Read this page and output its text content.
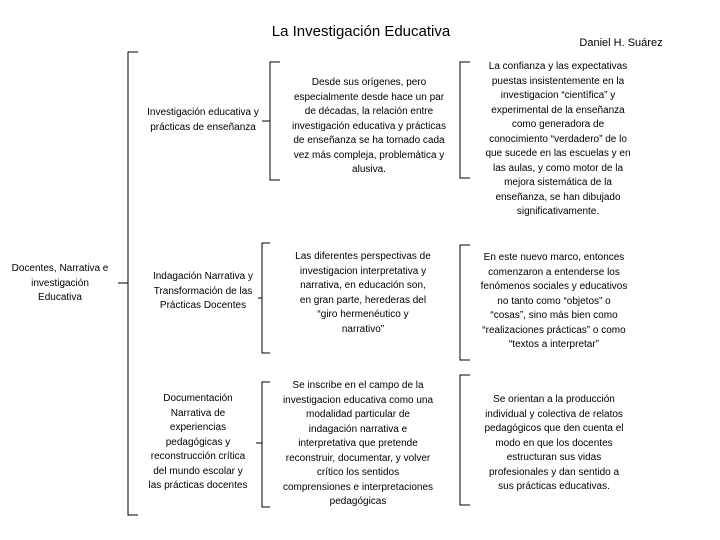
La Investigación Educativa
Daniel H. Suárez
Docentes, Narrativa e
investigación
Educativa
Investigación educativa y
prácticas de enseñanza
Indagación Narrativa y
Transformación de las
Prácticas Docentes
Documentación
Narrativa de
experiencias
pedagógicas y
reconstrucción crítica
del mundo escolar y
las prácticas docentes
Desde sus orígenes, pero
especialmente desde hace un par
de décadas, la relación entre
investigación educativa y prácticas
de enseñanza se ha tornado cada
vez más compleja, problemática y
alusiva.
Las diferentes perspectivas de
investigacion interpretativa y
narrativa, en educación son,
en gran parte, herederas del
“giro hermenéutico y
narrativo”
Se inscribe en el campo de la
investigacion educativa como una
modalidad particular de
indagación narrativa e
interpretativa que pretende
reconstruir, documentar, y volver
crítico los sentidos
comprensiones e interpretaciones
pedagógicas
La confianza y las expectativas
puestas insistentemente en la
investigacion “científica” y
experimental de la enseñanza
como generadora de
conocimiento “verdadero” de lo
que sucede en las escuelas y en
las aulas, y como motor de la
mejora sistemática de la
enseñanza, se han dibujado
significativamente.
En este nuevo marco, entonces
comenzaron a entenderse los
fenómenos sociales y educativos
no tanto como “objetos” o
“cosas”, sino más bien como
“realizaciones prácticas” o como
“textos a interpretar”
Se orientan a la producción
individual y colectiva de relatos
pedagógicos que den cuenta el
modo en que los docentes
estructuran sus vidas
profesionales y dan sentido a
sus prácticas educativas.
